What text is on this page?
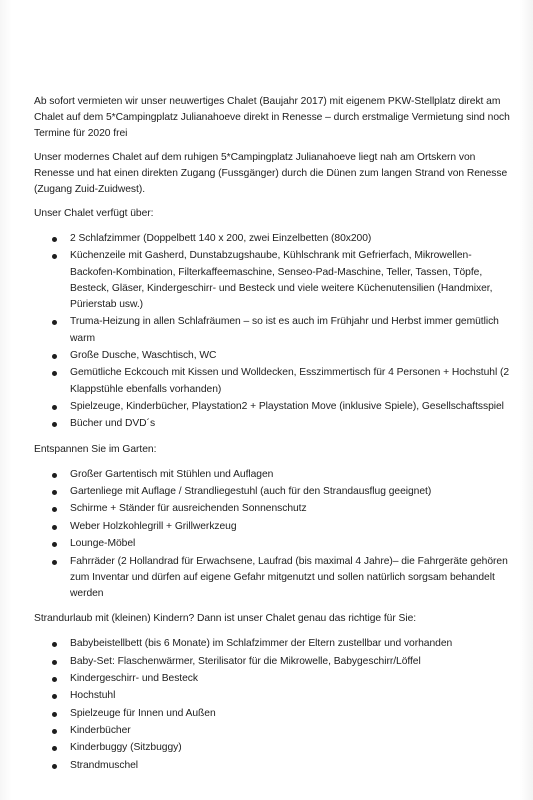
Ab sofort vermieten wir unser neuwertiges Chalet (Baujahr 2017) mit eigenem PKW-Stellplatz direkt am Chalet auf dem 5*Campingplatz Julianahoeve direkt in Renesse – durch erstmalige Vermietung sind noch Termine für 2020 frei

Unser modernes Chalet auf dem ruhigen 5*Campingplatz Julianahoeve liegt nah am Ortskern von Renesse und hat einen direkten Zugang (Fussgänger) durch die Dünen zum langen Strand von Renesse (Zugang Zuid-Zuidwest).

Unser Chalet verfügt über:

2 Schlafzimmer (Doppelbett 140 x 200, zwei Einzelbetten (80x200)
Küchenzeile mit Gasherd, Dunstabzugshaube, Kühlschrank mit Gefrierfach, Mikrowellen-Backofen-Kombination, Filterkaffeemaschine, Senseo-Pad-Maschine, Teller, Tassen, Töpfe, Besteck, Gläser, Kindergeschirr- und Besteck und viele weitere Küchenutensilien (Handmixer, Pürierstab usw.)
Truma-Heizung in allen Schlafräumen – so ist es auch im Frühjahr und Herbst immer gemütlich warm
Große Dusche, Waschtisch, WC
Gemütliche Eckcouch mit Kissen und Wolldecken, Esszimmertisch für 4 Personen + Hochstuhl (2 Klappstühle ebenfalls vorhanden)
Spielzeuge, Kinderbücher, Playstation2 + Playstation Move (inklusive Spiele), Gesellschaftsspiel
Bücher und DVD´s

Entspannen Sie im Garten:

Großer Gartentisch mit Stühlen und Auflagen
Gartenliege mit Auflage / Strandliegestuhl (auch für den Strandausflug geeignet)
Schirme + Ständer für ausreichenden Sonnenschutz
Weber Holzkohlegrill + Grillwerkzeug
Lounge-Möbel
Fahrräder (2 Hollandrad für Erwachsene, Laufrad (bis maximal 4 Jahre)– die Fahrgeräte gehören zum Inventar und dürfen auf eigene Gefahr mitgenutzt und sollen natürlich sorgsam behandelt werden

Strandurlaub mit (kleinen) Kindern? Dann ist unser Chalet genau das richtige für Sie:

Babybeistellbett (bis 6 Monate) im Schlafzimmer der Eltern zustellbar und vorhanden
Baby-Set: Flaschenwärmer, Sterilisator für die Mikrowelle, Babygeschirr/Löffel
Kindergeschirr- und Besteck
Hochstuhl
Spielzeuge für Innen und Außen
Kinderbücher
Kinderbuggy (Sitzbuggy)
Strandmuschel
